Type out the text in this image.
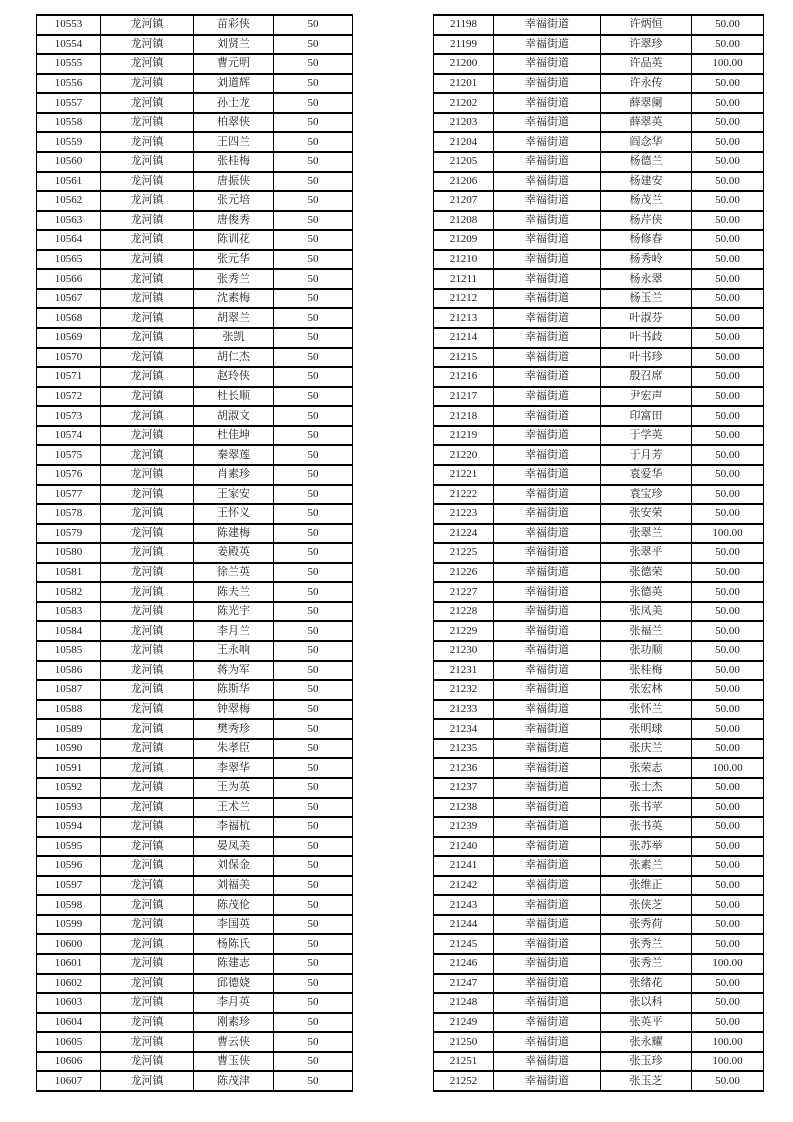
10553	龙河镇	苗彩侠	50
10554	龙河镇	刘贤兰	50
10555	龙河镇	曹元明	50
10556	龙河镇	刘道辉	50
10557	龙河镇	孙士龙	50
10558	龙河镇	柏翠侠	50
10559	龙河镇	王四兰	50
10560	龙河镇	张桂梅	50
10561	龙河镇	唐振侠	50
10562	龙河镇	张元培	50
10563	龙河镇	唐俊秀	50
10564	龙河镇	陈训花	50
10565	龙河镇	张元华	50
10566	龙河镇	张秀兰	50
10567	龙河镇	沈素梅	50
10568	龙河镇	胡翠兰	50
10569	龙河镇	张凯	50
10570	龙河镇	胡仁杰	50
10571	龙河镇	赵玲侠	50
10572	龙河镇	杜长顺	50
10573	龙河镇	胡淑文	50
10574	龙河镇	杜佳坤	50
10575	龙河镇	秦翠莲	50
10576	龙河镇	肖素珍	50
10577	龙河镇	王家安	50
10578	龙河镇	王怀义	50
10579	龙河镇	陈建梅	50
10580	龙河镇	姜殿英	50
10581	龙河镇	徐兰英	50
10582	龙河镇	陈夫兰	50
10583	龙河镇	陈光宇	50
10584	龙河镇	李月兰	50
10585	龙河镇	王永响	50
10586	龙河镇	蒋为军	50
10587	龙河镇	陈斯华	50
10588	龙河镇	钟翠梅	50
10589	龙河镇	樊秀珍	50
10590	龙河镇	朱孝臣	50
10591	龙河镇	李翠华	50
10592	龙河镇	王为英	50
10593	龙河镇	王术兰	50
10594	龙河镇	李福杭	50
10595	龙河镇	晏凤美	50
10596	龙河镇	刘保金	50
10597	龙河镇	刘福美	50
10598	龙河镇	陈茂伦	50
10599	龙河镇	李国英	50
10600	龙河镇	杨陈氏	50
10601	龙河镇	陈建志	50
10602	龙河镇	邱德娆	50
10603	龙河镇	李月英	50
10604	龙河镇	刚素珍	50
10605	龙河镇	曹云侠	50
10606	龙河镇	曹玉侠	50
10607	龙河镇	陈茂津	50
21198	幸福街道	许炳恒	50.00
21199	幸福街道	许翠珍	50.00
21200	幸福街道	许品英	100.00
21201	幸福街道	许永传	50.00
21202	幸福街道	薛翠阑	50.00
21203	幸福街道	薛翠英	50.00
21204	幸福街道	阎念华	50.00
21205	幸福街道	杨德兰	50.00
21206	幸福街道	杨建安	50.00
21207	幸福街道	杨茂兰	50.00
21208	幸福街道	杨芹侠	50.00
21209	幸福街道	杨修春	50.00
21210	幸福街道	杨秀岭	50.00
21211	幸福街道	杨永翠	50.00
21212	幸福街道	杨玉兰	50.00
21213	幸福街道	叶淑芬	50.00
21214	幸福街道	叶书歧	50.00
21215	幸福街道	叶书珍	50.00
21216	幸福街道	殷召席	50.00
21217	幸福街道	尹宏声	50.00
21218	幸福街道	印富田	50.00
21219	幸福街道	于学英	50.00
21220	幸福街道	于月芳	50.00
21221	幸福街道	袁爱华	50.00
21222	幸福街道	袁宝珍	50.00
21223	幸福街道	张安荣	50.00
21224	幸福街道	张翠兰	100.00
21225	幸福街道	张翠平	50.00
21226	幸福街道	张德荣	50.00
21227	幸福街道	张德英	50.00
21228	幸福街道	张凤美	50.00
21229	幸福街道	张福兰	50.00
21230	幸福街道	张功顺	50.00
21231	幸福街道	张桂梅	50.00
21232	幸福街道	张宏林	50.00
21233	幸福街道	张怀兰	50.00
21234	幸福街道	张明球	50.00
21235	幸福街道	张庆兰	50.00
21236	幸福街道	张荣志	100.00
21237	幸福街道	张士杰	50.00
21238	幸福街道	张书苹	50.00
21239	幸福街道	张书英	50.00
21240	幸福街道	张苏举	50.00
21241	幸福街道	张素兰	50.00
21242	幸福街道	张维正	50.00
21243	幸福街道	张侠芝	50.00
21244	幸福街道	张秀荷	50.00
21245	幸福街道	张秀兰	50.00
21246	幸福街道	张秀兰	100.00
21247	幸福街道	张绪花	50.00
21248	幸福街道	张以科	50.00
21249	幸福街道	张英平	50.00
21250	幸福街道	张永耀	100.00
21251	幸福街道	张玉珍	100.00
21252	幸福街道	张玉芝	50.00
